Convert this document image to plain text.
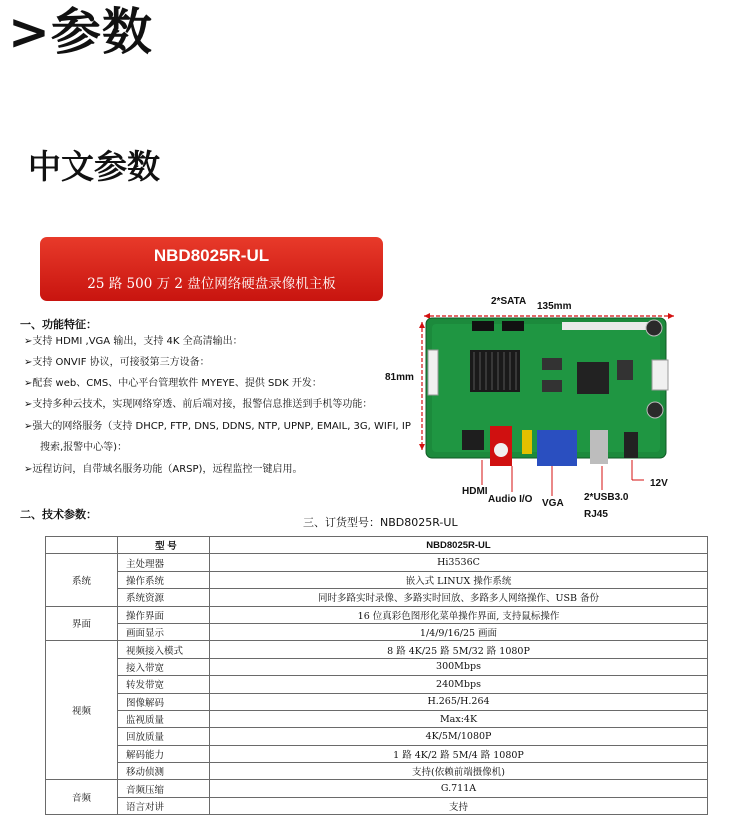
>参数
中文参数
NBD8025R-UL
25 路 500 万 2 盘位网络硬盘录像机主板
一、功能特征：
➢支持 HDMI ,VGA 输出，支持 4K 全高清输出：
➢支持 ONVIF 协议，可接驳第三方设备：
➢配套 web、CMS、中心平台管理软件 MYEYE、提供 SDK 开发：
➢支持多种云技术，实现网络穿透、前后端对接，报警信息推送到手机等功能：
➢强大的网络服务（支持 DHCP, FTP, DNS, DDNS, NTP, UPNP, EMAIL, 3G, WIFI, IP
搜索,报警中心等)：
➢远程访问，自带域名服务功能（ARSP)，远程监控一键启用。
2*SATA 135mm
81mm
HDMI
Audio I/O VGA
2*USB3.0
RJ45
12V
二、技术参数：
三、订货型号：NBD8025R-UL
	型 号	NBD8025R-UL
系统	主处理器	Hi3536C
	操作系统	嵌入式 LINUX 操作系统
	系统资源	同时多路实时录像、多路实时回放、多路多人网络操作、USB 备份
界面	操作界面	16 位真彩色图形化菜单操作界面, 支持鼠标操作
	画面显示	1/4/9/16/25 画面
视频	视频接入模式	8 路 4K/25 路 5M/32 路 1080P
	接入带宽	300Mbps
	转发带宽	240Mbps
	图像解码	H.265/H.264
	监视质量	Max:4K
	回放质量	4K/5M/1080P
	解码能力	1 路 4K/2 路 5M/4 路 1080P
	移动侦测	支持(依赖前端摄像机)
音频	音频压缩	G.711A
	语言对讲	支持
